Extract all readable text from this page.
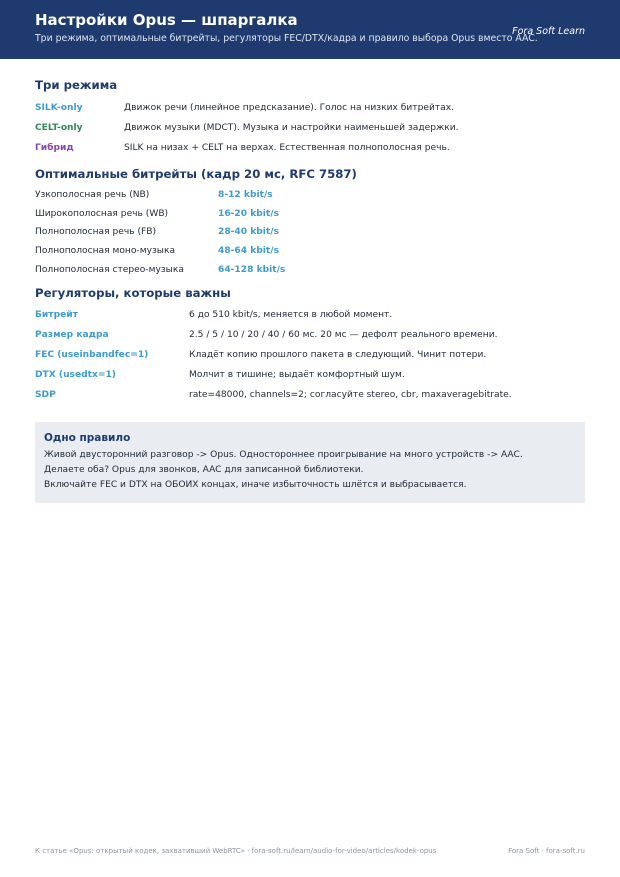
Настройки Opus — шпаргалка
Три режима, оптимальные битрейты, регуляторы FEC/DTX/кадра и правило выбора Opus вместо AAC.
Fora Soft Learn
Три режима
SILK-only	Движок речи (линейное предсказание). Голос на низких битрейтах.
CELT-only	Движок музыки (MDCT). Музыка и настройки наименьшей задержки.
Гибрид	SILK на низах + CELT на верхах. Естественная полнополосная речь.
Оптимальные битрейты (кадр 20 мс, RFC 7587)
Узкополосная речь (NB)	8-12 kbit/s
Широкополосная речь (WB)	16-20 kbit/s
Полнополосная речь (FB)	28-40 kbit/s
Полнополосная моно-музыка	48-64 kbit/s
Полнополосная стерео-музыка	64-128 kbit/s
Регуляторы, которые важны
Битрейт	6 до 510 kbit/s, меняется в любой момент.
Размер кадра	2.5 / 5 / 10 / 20 / 40 / 60 мс. 20 мс — дефолт реального времени.
FEC (useinbandfec=1)	Кладёт копию прошлого пакета в следующий. Чинит потери.
DTX (usedtx=1)	Молчит в тишине; выдаёт комфортный шум.
SDP	rate=48000, channels=2; согласуйте stereo, cbr, maxaveragebitrate.
Одно правило
Живой двусторонний разговор -> Opus. Одностороннее проигрывание на много устройств -> AAC.
Делаете оба? Opus для звонков, AAC для записанной библиотеки.
Включайте FEC и DTX на ОБОИХ концах, иначе избыточность шлётся и выбрасывается.
К статье «Opus: открытый кодек, захвативший WebRTC» · fora-soft.ru/learn/audio-for-video/articles/kodek-opus	Fora Soft · fora-soft.ru
